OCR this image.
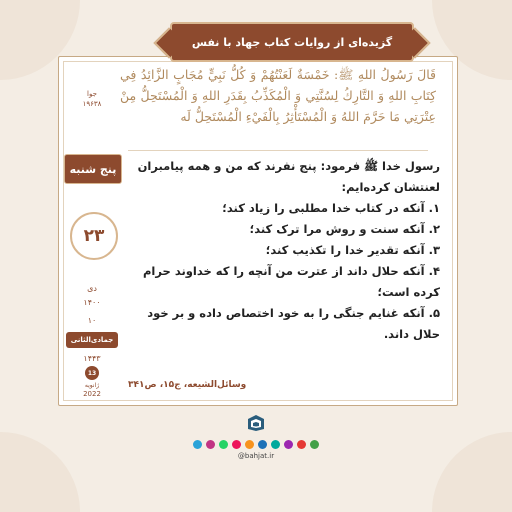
گزیده‌ای از روایات کتاب جهاد با نفس
جوا
۱۹۶۳۸
پنج شنبه
۲۳
دی
۱۴۰۰
۱۰
جمادی‌الثانی
۱۴۴۳
13
ژانویه
2022
قَالَ رَسُولُ اللهِ ﷺ: خَمْسَةٌ لَعَنْتُهُمْ وَ كُلُّ نَبِيٍّ مُجَابٍ الزَّائِدُ فِي كِتَابِ اللهِ وَ التَّارِكُ لِسُنَّتِي وَ الْمُكَذِّبُ بِقَدَرِ اللهِ وَ الْمُسْتَحِلُّ مِنْ عِتْرَتِي مَا حَرَّمَ اللهُ وَ الْمُسْتَأْثِرُ بِالْفَيْءِ الْمُسْتَحِلُّ لَه
رسول خدا ﷺ فرمود: پنج نفرند که من و همه پیامبران لعنتشان کرده‌ایم:
۱. آنکه در کتاب خدا مطلبی را زیاد کند؛
۲. آنکه سنت و روش مرا ترک کند؛
۳. آنکه تقدیر خدا را تکذیب کند؛
۴. آنکه حلال داند از عترت من آنچه را که خداوند حرام کرده است؛
۵. آنکه غنایم جنگی را به خود اختصاص داده و بر خود حلال داند.
وسائل‌الشیعه، ج۱۵، ص۳۴۱
@bahjat.ir
